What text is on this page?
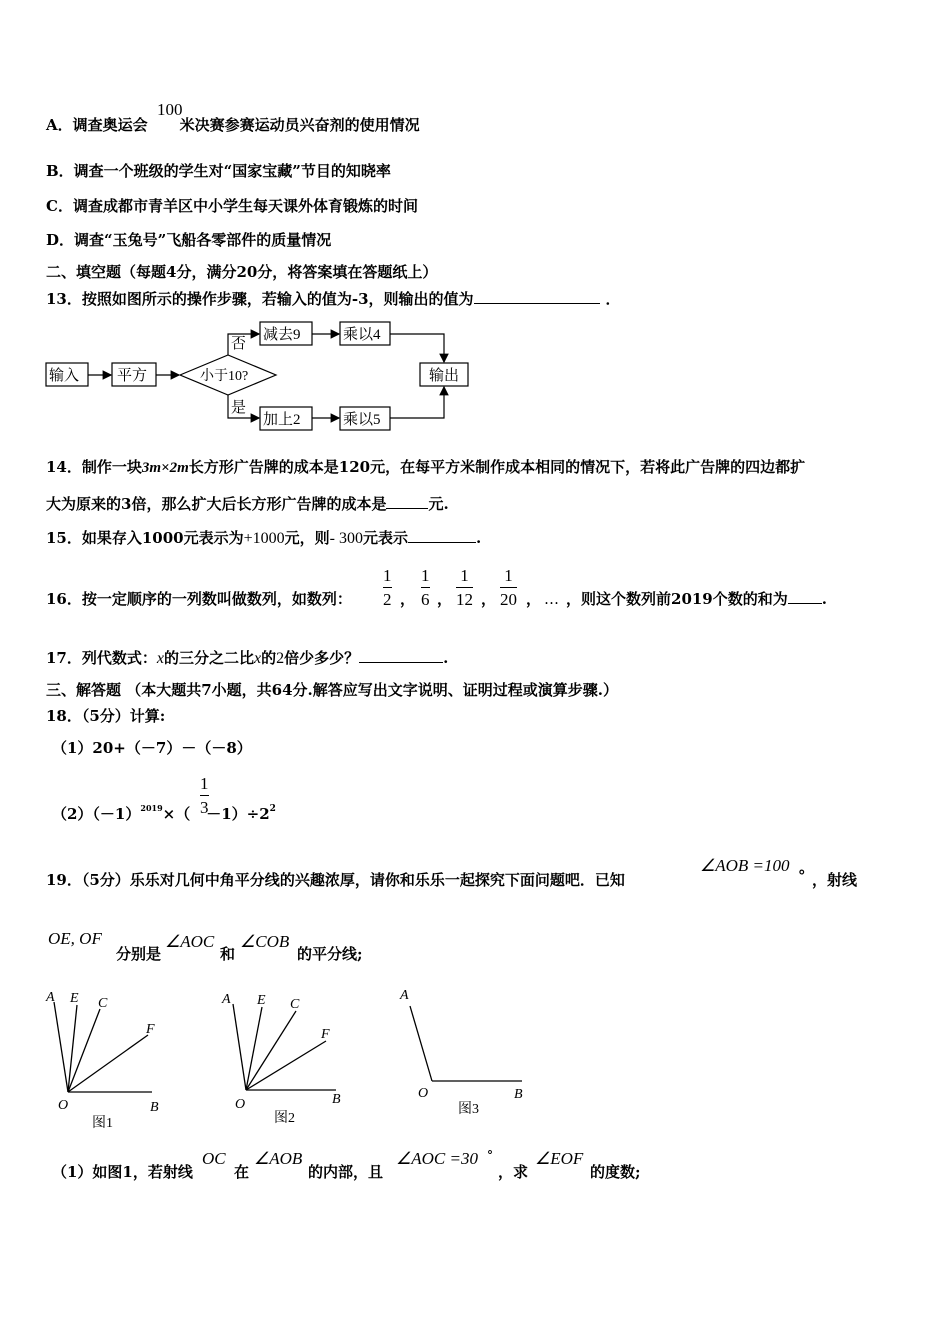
A．调查奥运会 米决赛参赛运动员兴奋剂的使用情况
100
B．调查一个班级的学生对“国家宝藏”节目的知晓率
C．调查成都市青羊区中小学生每天课外体育锻炼的时间
D．调查“玉兔号”飞船各零部件的质量情况
二、填空题（每题4分，满分20分，将答案填在答题纸上）
13．按照如图所示的操作步骤，若输入的值为-3，则输出的值为	．
输入	平方	小于10?
否
是
减去9	乘以4
输出
加上2	乘以5
14．制作一块3m×2m长方形广告牌的成本是120元，在每平方米制作成本相同的情况下，若将此广告牌的四边都扩
大为原来的3倍，那么扩大后长方形广告牌的成本是	元.
15．如果存入1000元表示为+1000元，则- 300元表示	.
16．按一定顺序的一列数叫做数列，如数列：
1
2 ，
1
6 ，
1
12 ，
1
20 ， … ，则这个数列前2019个数的和为 .
17．列代数式：x的三分之二比x的2倍少多少？	.
三、解答题 （本大题共7小题，共64分.解答应写出文字说明、证明过程或演算步骤.）
18．（5分）计算:
（1）20+（－7）－（－8）
$(2)(-1)^{2019}\times( -1)\div 2^2$
1
3
19．（5分）乐乐对几何中角平分线的兴趣浓厚，请你和乐乐一起探究下面问题吧．已知
∠AOB =100
° ，射线
OE, OF
分别是
∠AOC
和
∠COB
的平分线;
A E C
F
O	B
A E C
F
O	B
A
O	B
图1	图2
图3
（1）如图1，若射线
OC
在
∠AOB
的内部，且
∠AOC =30 °
，求
∠EOF
的度数;
